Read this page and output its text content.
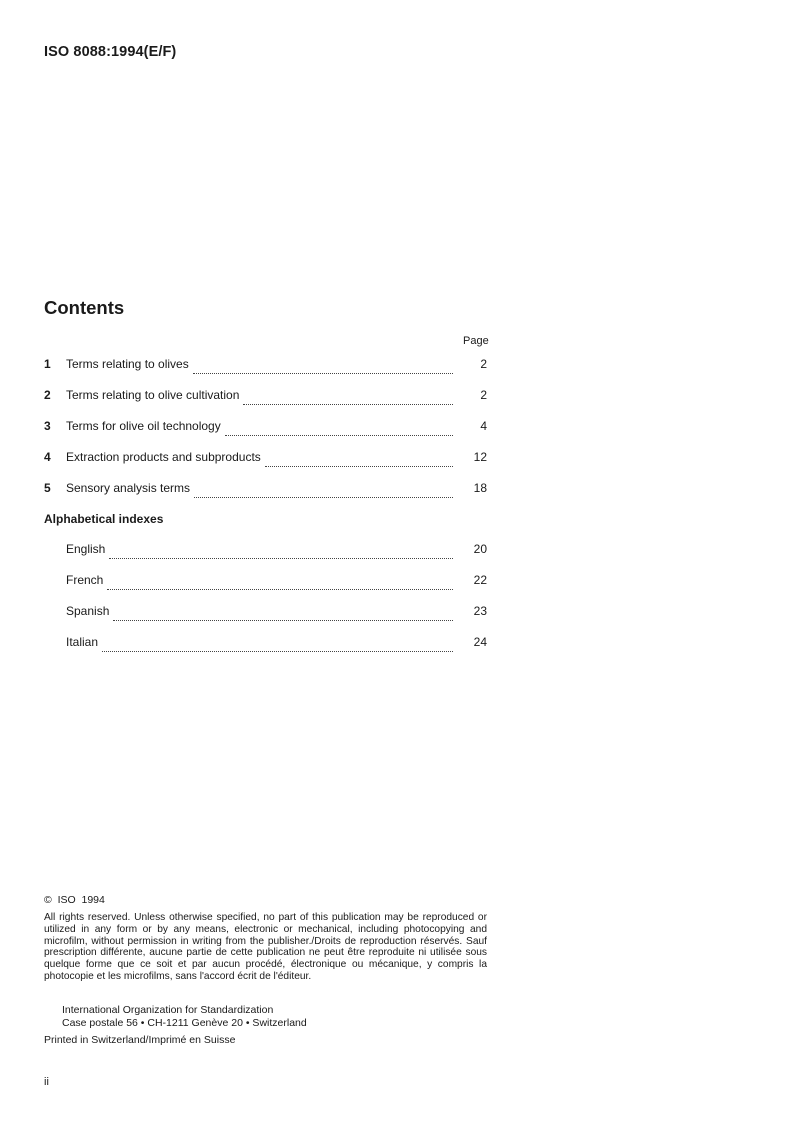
ISO 8088:1994(E/F)
Contents
Page
1	Terms relating to olives	2
2	Terms relating to olive cultivation	2
3	Terms for olive oil technology	4
4	Extraction products and subproducts	12
5	Sensory analysis terms	18
Alphabetical indexes
English	20
French	22
Spanish	23
Italian	24
©  ISO  1994
All rights reserved. Unless otherwise specified, no part of this publication may be reproduced or utilized in any form or by any means, electronic or mechanical, including photocopying and microfilm, without permission in writing from the publisher./Droits de reproduction réservés. Sauf prescription différente, aucune partie de cette publication ne peut être reproduite ni utilisée sous quelque forme que ce soit et par aucun procédé, électronique ou mécanique, y compris la photocopie et les microfilms, sans l'accord écrit de l'éditeur.
International Organization for Standardization
Case postale 56 • CH-1211 Genève 20 • Switzerland
Printed in Switzerland/Imprimé en Suisse
ii
